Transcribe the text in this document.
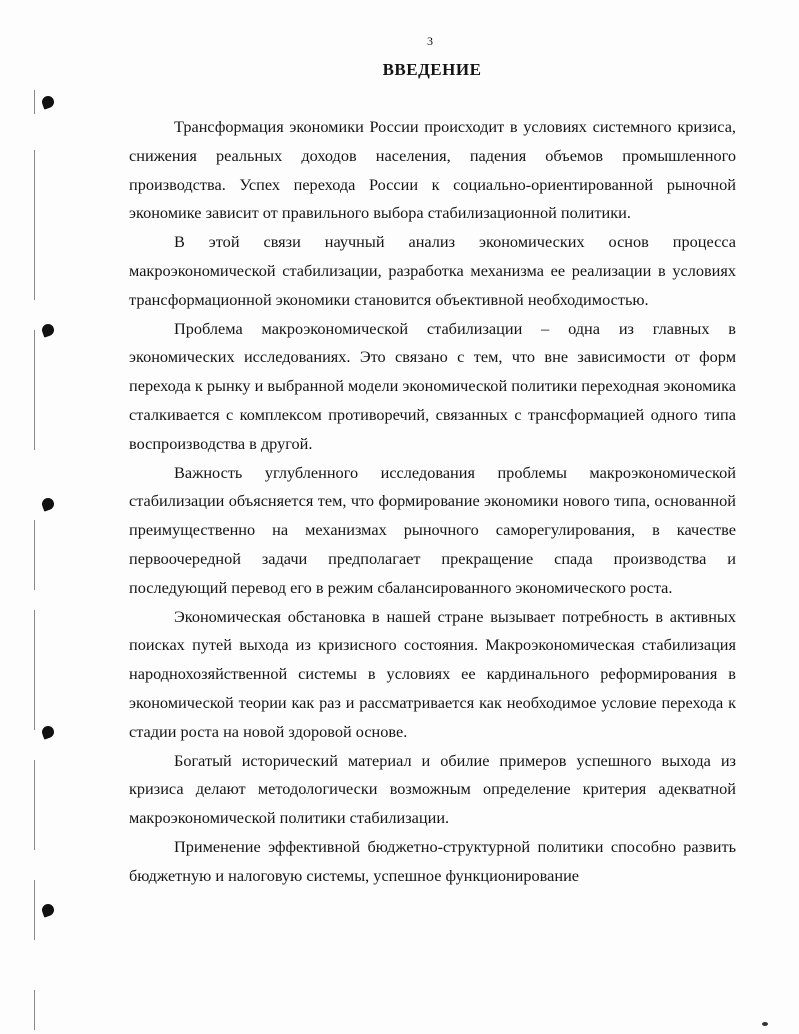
3
ВВЕДЕНИЕ

Трансформация экономики России происходит в условиях системного кризиса, снижения реальных доходов населения, падения объемов промышленного производства. Успех перехода России к социально-ориентированной рыночной экономике зависит от правильного выбора стабилизационной политики.

В этой связи научный анализ экономических основ процесса макроэкономической стабилизации, разработка механизма ее реализации в условиях трансформационной экономики становится объективной необходимостью.

Проблема макроэкономической стабилизации – одна из главных в экономических исследованиях. Это связано с тем, что вне зависимости от форм перехода к рынку и выбранной модели экономической политики переходная экономика сталкивается с комплексом противоречий, связанных с трансформацией одного типа воспроизводства в другой.

Важность углубленного исследования проблемы макроэкономической стабилизации объясняется тем, что формирование экономики нового типа, основанной преимущественно на механизмах рыночного саморегулирования, в качестве первоочередной задачи предполагает прекращение спада производства и последующий перевод его в режим сбалансированного экономического роста.

Экономическая обстановка в нашей стране вызывает потребность в активных поисках путей выхода из кризисного состояния. Макроэкономическая стабилизация народнохозяйственной системы в условиях ее кардинального реформирования в экономической теории как раз и рассматривается как необходимое условие перехода к стадии роста на новой здоровой основе.

Богатый исторический материал и обилие примеров успешного выхода из кризиса делают методологически возможным определение критерия адекватной макроэкономической политики стабилизации.

Применение эффективной бюджетно-структурной политики способно развить бюджетную и налоговую системы, успешное функционирование
